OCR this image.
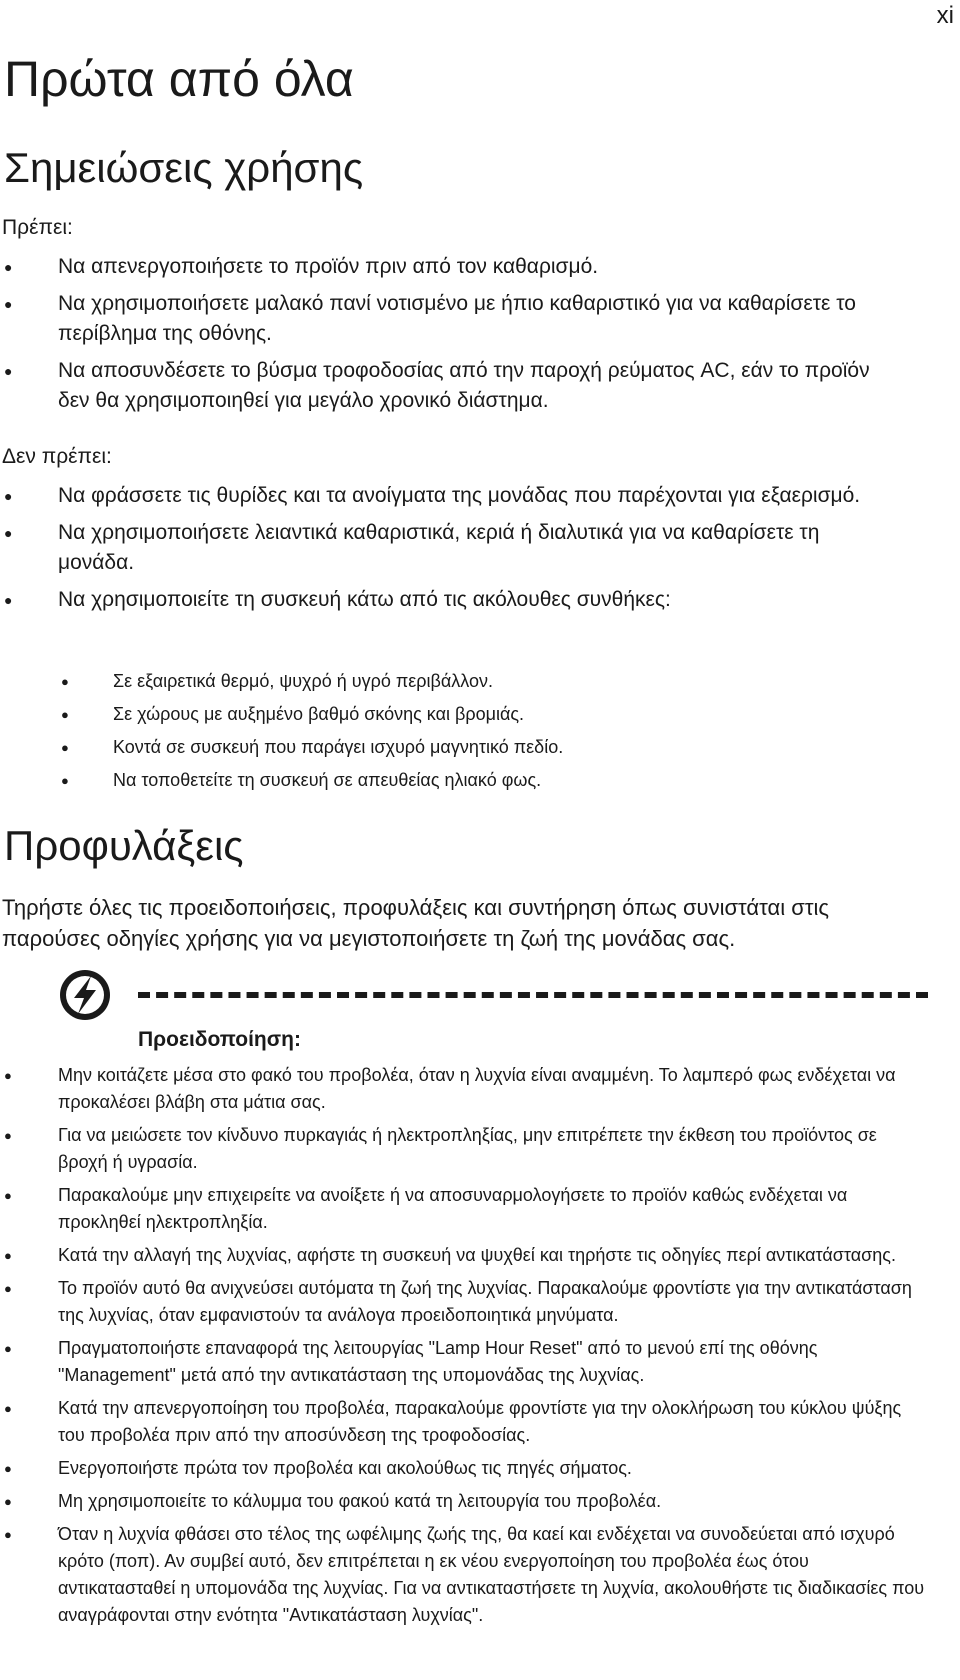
xi
Πρώτα από όλα
Σημειώσεις χρήσης
Πρέπει:
● Να απενεργοποιήσετε το προϊόν πριν από τον καθαρισμό.
● Να χρησιμοποιήσετε μαλακό πανί νοτισμένο με ήπιο καθαριστικό για να καθαρίσετε το περίβλημα της οθόνης.
● Να αποσυνδέσετε το βύσμα τροφοδοσίας από την παροχή ρεύματος AC, εάν το προϊόν δεν θα χρησιμοποιηθεί για μεγάλο χρονικό διάστημα.
Δεν πρέπει:
● Να φράσσετε τις θυρίδες και τα ανοίγματα της μονάδας που παρέχονται για εξαερισμό.
● Να χρησιμοποιήσετε λειαντικά καθαριστικά, κεριά ή διαλυτικά για να καθαρίσετε τη μονάδα.
● Να χρησιμοποιείτε τη συσκευή κάτω από τις ακόλουθες συνθήκες:
● Σε εξαιρετικά θερμό, ψυχρό ή υγρό περιβάλλον.
● Σε χώρους με αυξημένο βαθμό σκόνης και βρομιάς.
● Κοντά σε συσκευή που παράγει ισχυρό μαγνητικό πεδίο.
● Να τοποθετείτε τη συσκευή σε απευθείας ηλιακό φως.
Προφυλάξεις

Τηρήστε όλες τις προειδοποιήσεις, προφυλάξεις και συντήρηση όπως συνιστάται στις παρούσες οδηγίες χρήσης για να μεγιστοποιήσετε τη ζωή της μονάδας σας.

Προειδοποίηση:
● Μην κοιτάζετε μέσα στο φακό του προβολέα, όταν η λυχνία είναι αναμμένη. Το λαμπερό φως ενδέχεται να προκαλέσει βλάβη στα μάτια σας.
● Για να μειώσετε τον κίνδυνο πυρκαγιάς ή ηλεκτροπληξίας, μην επιτρέπετε την έκθεση του προϊόντος σε βροχή ή υγρασία.
● Παρακαλούμε μην επιχειρείτε να ανοίξετε ή να αποσυναρμολογήσετε το προϊόν καθώς ενδέχεται να προκληθεί ηλεκτροπληξία.
● Κατά την αλλαγή της λυχνίας, αφήστε τη συσκευή να ψυχθεί και τηρήστε τις οδηγίες περί αντικατάστασης.
● Το προϊόν αυτό θα ανιχνεύσει αυτόματα τη ζωή της λυχνίας. Παρακαλούμε φροντίστε για την αντικατάσταση της λυχνίας, όταν εμφανιστούν τα ανάλογα προειδοποιητικά μηνύματα.
● Πραγματοποιήστε επαναφορά της λειτουργίας "Lamp Hour Reset" από το μενού επί της οθόνης "Management" μετά από την αντικατάσταση της υπομονάδας της λυχνίας.
● Κατά την απενεργοποίηση του προβολέα, παρακαλούμε φροντίστε για την ολοκλήρωση του κύκλου ψύξης του προβολέα πριν από την αποσύνδεση της τροφοδοσίας.
● Ενεργοποιήστε πρώτα τον προβολέα και ακολούθως τις πηγές σήματος.
● Μη χρησιμοποιείτε το κάλυμμα του φακού κατά τη λειτουργία του προβολέα.
● Όταν η λυχνία φθάσει στο τέλος της ωφέλιμης ζωής της, θα καεί και ενδέχεται να συνοδεύεται από ισχυρό κρότο (ποπ). Αν συμβεί αυτό, δεν επιτρέπεται η εκ νέου ενεργοποίηση του προβολέα έως ότου αντικατασταθεί η υπομονάδα της λυχνίας. Για να αντικαταστήσετε τη λυχνία, ακολουθήστε τις διαδικασίες που αναγράφονται στην ενότητα "Αντικατάσταση λυχνίας".
